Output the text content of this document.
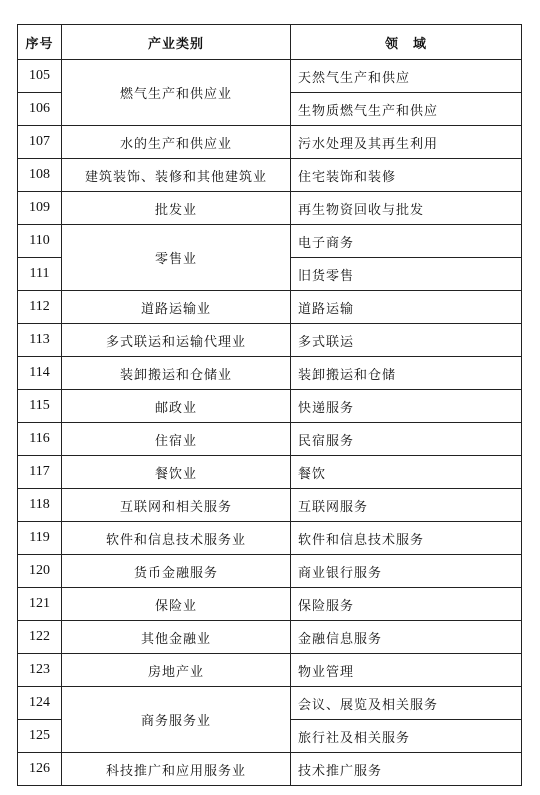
序号	产业类别	领　域
105	燃气生产和供应业	天然气生产和供应
106		生物质燃气生产和供应
107	水的生产和供应业	污水处理及其再生利用
108	建筑装饰、装修和其他建筑业	住宅装饰和装修
109	批发业	再生物资回收与批发
110	零售业	电子商务
111		旧货零售
112	道路运输业	道路运输
113	多式联运和运输代理业	多式联运
114	装卸搬运和仓储业	装卸搬运和仓储
115	邮政业	快递服务
116	住宿业	民宿服务
117	餐饮业	餐饮
118	互联网和相关服务	互联网服务
119	软件和信息技术服务业	软件和信息技术服务
120	货币金融服务	商业银行服务
121	保险业	保险服务
122	其他金融业	金融信息服务
123	房地产业	物业管理
124	商务服务业	会议、展览及相关服务
125		旅行社及相关服务
126	科技推广和应用服务业	技术推广服务
